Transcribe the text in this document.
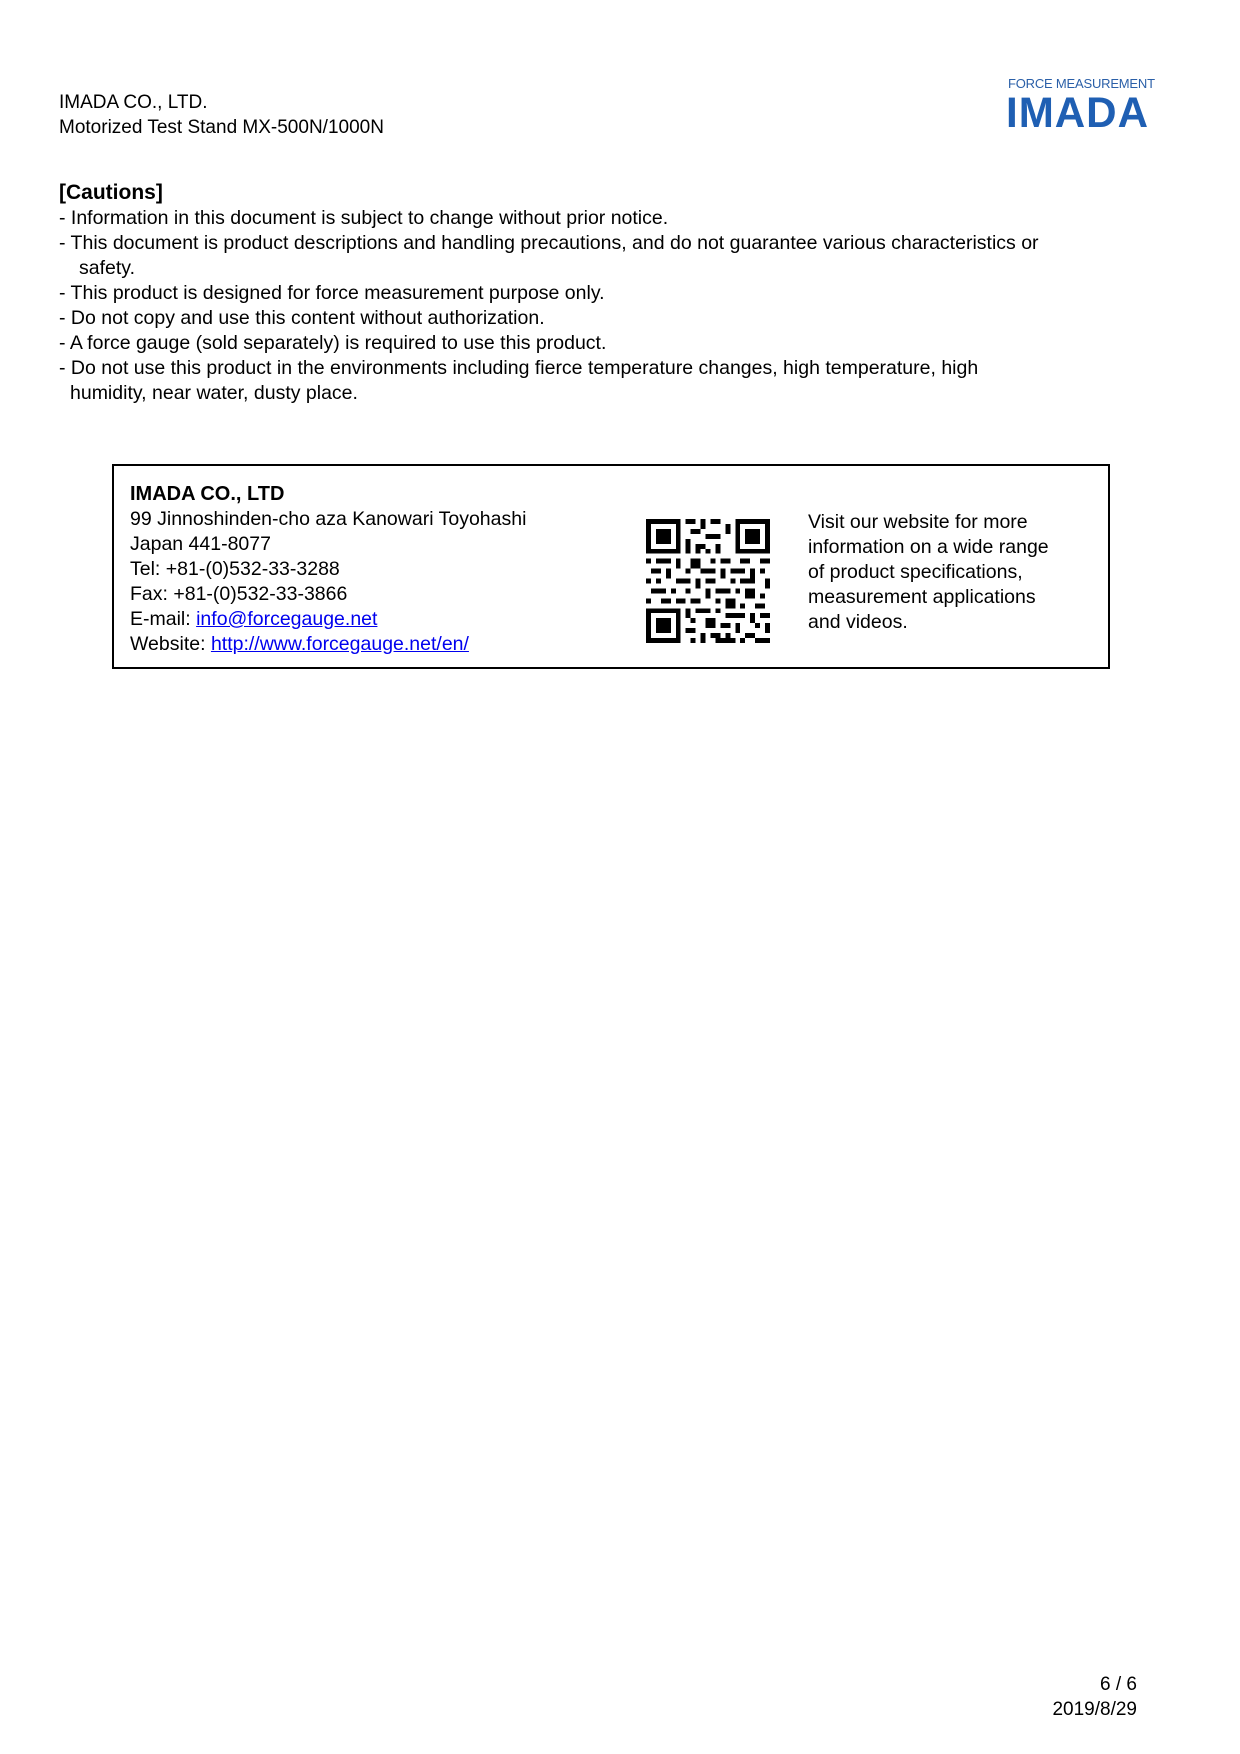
IMADA CO., LTD.
Motorized Test Stand MX-500N/1000N
FORCE MEASUREMENT
IMADA
[Cautions]
- Information in this document is subject to change without prior notice.
- This document is product descriptions and handling precautions, and do not guarantee various characteristics or
safety.
- This product is designed for force measurement purpose only.
- Do not copy and use this content without authorization.
- A force gauge (sold separately) is required to use this product.
- Do not use this product in the environments including fierce temperature changes, high temperature, high
humidity, near water, dusty place.
IMADA CO., LTD
99 Jinnoshinden-cho aza Kanowari Toyohashi
Japan 441-8077
Tel: +81-(0)532-33-3288
Fax: +81-(0)532-33-3866
E-mail: info@forcegauge.net
Website: http://www.forcegauge.net/en/
Visit our website for more
information on a wide range
of product specifications,
measurement applications
and videos.
6 / 6
2019/8/29
